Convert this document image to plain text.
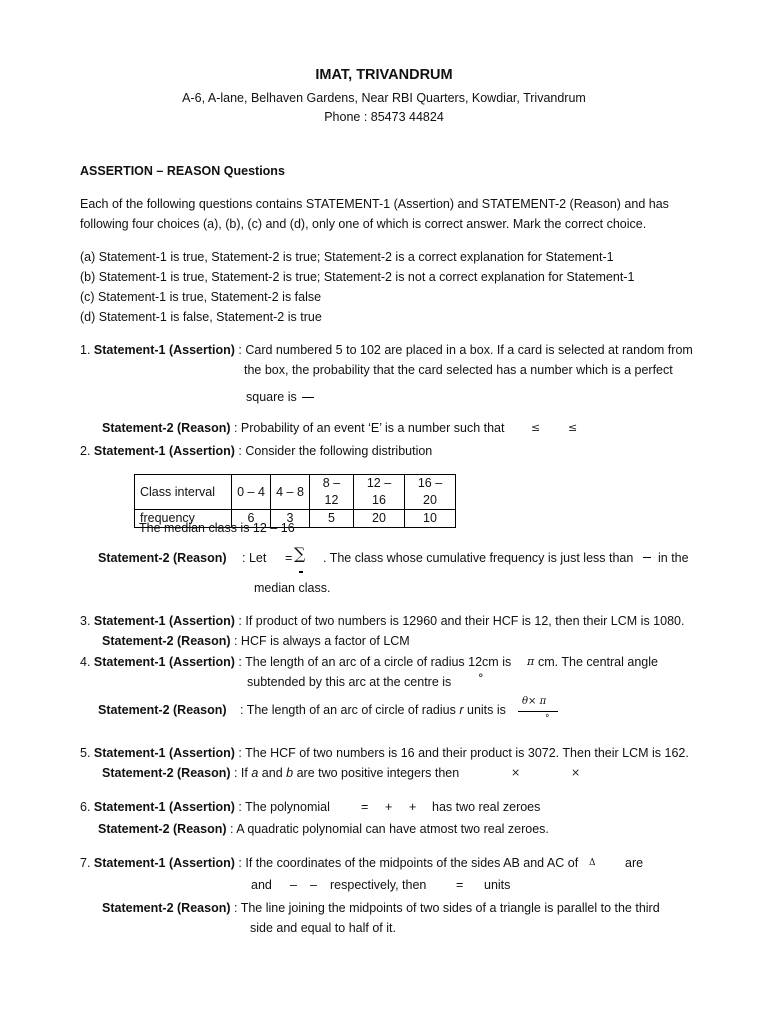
IMAT, TRIVANDRUM
A-6, A-lane, Belhaven Gardens, Near RBI Quarters, Kowdiar, Trivandrum
Phone : 85473 44824
ASSERTION – REASON Questions
Each of the following questions contains STATEMENT-1 (Assertion) and STATEMENT-2 (Reason) and has
following four choices (a), (b), (c) and (d), only one of which is correct answer. Mark the correct choice.
(a) Statement-1 is true, Statement-2 is true; Statement-2 is a correct explanation for Statement-1
(b) Statement-1 is true, Statement-2 is true; Statement-2 is not a correct explanation for Statement-1
(c) Statement-1 is true, Statement-2 is false
(d) Statement-1 is false, Statement-2 is true
1. Statement-1 (Assertion) : Card numbered 5 to 102 are placed in a box. If a card is selected at random from
the box, the probability that the card selected has a number which is a perfect
square is
Statement-2 (Reason) : Probability of an event ‘E’ is a number such that ≤	≤
2. Statement-1 (Assertion) : Consider the following distribution
Class interval	0 – 4	4 – 8	8 – 12	12 – 16	16 – 20
frequency	6	3	5	20	10
The median class is 12 – 16
Statement-2 (Reason) : Let = ∑ . The class whose cumulative frequency is just less than in the
median class.
3. Statement-1 (Assertion) : If product of two numbers is 12960 and their HCF is 12, then their LCM is 1080.
Statement-2 (Reason) : HCF is always a factor of LCM
4. Statement-1 (Assertion) : The length of an arc of a circle of radius 12cm is π cm. The central angle
subtended by this arc at the centre is °
Statement-2 (Reason) : The length of an arc of circle of radius r units is
θ× π
°
5. Statement-1 (Assertion) : The HCF of two numbers is 16 and their product is 3072. Then their LCM is 162.
Statement-2 (Reason) : If a and b are two positive integers then	×	×
6. Statement-1 (Assertion) : The polynomial = + + has two real zeroes
Statement-2 (Reason) : A quadratic polynomial can have atmost two real zeroes.
7. Statement-1 (Assertion) : If the coordinates of the midpoints of the sides AB and AC of Δ are
and – – respectively, then = units
Statement-2 (Reason) : The line joining the midpoints of two sides of a triangle is parallel to the third
side and equal to half of it.
